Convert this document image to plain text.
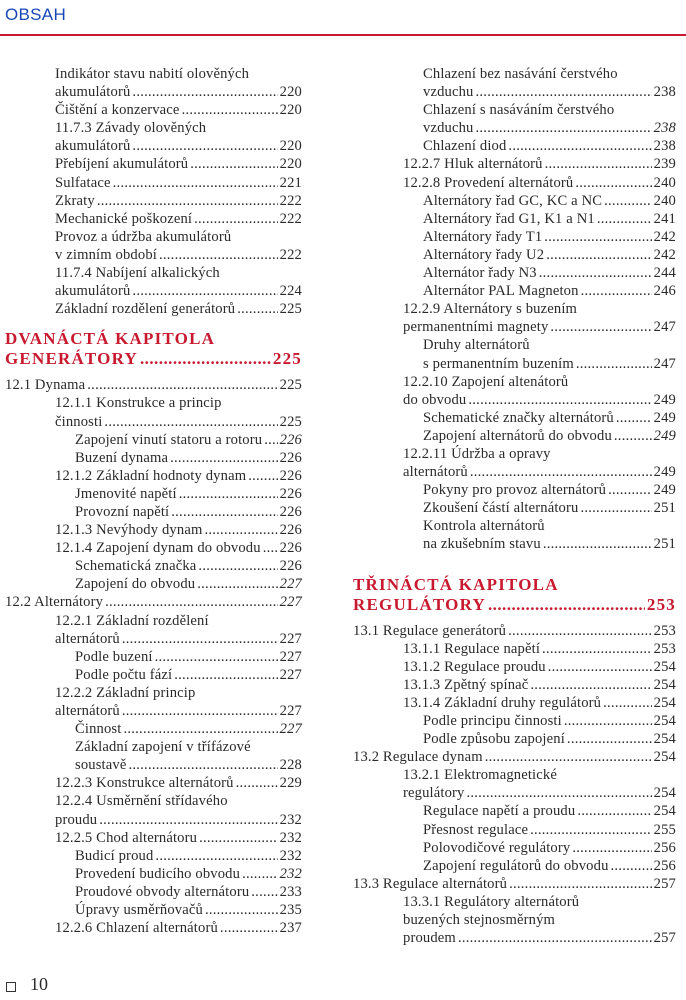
OBSAH
Indikátor stavu nabití olověných
akumulátorů . . .	220
Čištění a konzervace . . .	220
11.7.3 Závady olověných
akumulátorů . . .	220
Přebíjení akumulátorů . . .	220
Sulfatace . . .	221
Zkraty . . .	222
Mechanické poškození . . .	222
Provoz a údržba akumulátorů
v zimním období . . .	222
11.7.4 Nabíjení alkalických
akumulátorů . . .	224
Základní rozdělení generátorů . . .	225
DVANÁCTÁ KAPITOLA
GENERÁTORY . . .	225
12.1 Dynama . . .	225
12.1.1 Konstrukce a princip
činnosti . . .	225
Zapojení vinutí statoru a rotoru . . . 226
Buzení dynama . . .	226
12.1.2 Základní hodnoty dynam . . . 226
Jmenovité napětí . . .	226
Provozní napětí . . .	226
12.1.3 Nevýhody dynam . . .	226
12.1.4 Zapojení dynam do obvodu . . . 226
Schematická značka . . .	226
Zapojení do obvodu . . .	227
12.2 Alternátory . . .	227
12.2.1 Základní rozdělení
alternátorů . . .	227
Podle buzení . . .	227
Podle počtu fází . . .	227
12.2.2 Základní princip
alternátorů . . .	227
Činnost . . .	227
Základní zapojení v třífázové
soustavě . . .	228
12.2.3 Konstrukce alternátorů . . .	229
12.2.4 Usměrnění střídavého
proudu . . .	232
12.2.5 Chod alternátoru . . .	232
Budicí proud . . .	232
Provedení budicího obvodu . . .	232
Proudové obvody alternátoru . . . 233
Úpravy usměrňovačů . . .	235
12.2.6 Chlazení alternátorů . . .	237
Chlazení bez nasávání čerstvého
vzduchu . . .	238
Chlazení s nasáváním čerstvého
vzduchu . . .	238
Chlazení diod . . .	238
12.2.7 Hluk alternátorů . . .	239
12.2.8 Provedení alternátorů . . .	240
Alternátory řad GC, KC a NC . . .	240
Alternátory řad G1, K1 a N1 . . .	241
Alternátory řady T1 . . .	242
Alternátory řady U2 . . .	242
Alternátor řady N3 . . .	244
Alternátor PAL Magneton . . .	246
12.2.9 Alternátory s buzením
permanentními magnety . . .	247
Druhy alternátorů
s permanentním buzením . . .	247
12.2.10 Zapojení altenátorů
do obvodu . . .	249
Schematické značky alternátorů . . .	249
Zapojení alternátorů do obvodu . . .	249
12.2.11 Údržba a opravy
alternátorů . . .	249
Pokyny pro provoz alternátorů . . .	249
Zkoušení částí alternátoru . . .	251
Kontrola alternátorů
na zkušebním stavu . . .	251
TŘINÁCTÁ KAPITOLA
REGULÁTORY . . .	253
13.1 Regulace generátorů . . .	253
13.1.1 Regulace napětí . . .	253
13.1.2 Regulace proudu . . .	254
13.1.3 Zpětný spínač . . .	254
13.1.4 Základní druhy regulátorů . . .	254
Podle principu činnosti . . .	254
Podle způsobu zapojení . . .	254
13.2 Regulace dynam . . .	254
13.2.1 Elektromagnetické
regulátory . . .	254
Regulace napětí a proudu . . .	254
Přesnost regulace . . .	255
Polovodičové regulátory . . .	256
Zapojení regulátorů do obvodu . . .	256
13.3 Regulace alternátorů . . .	257
13.3.1 Regulátory alternátorů
buzených stejnosměrným
proudem . . .	257
10
